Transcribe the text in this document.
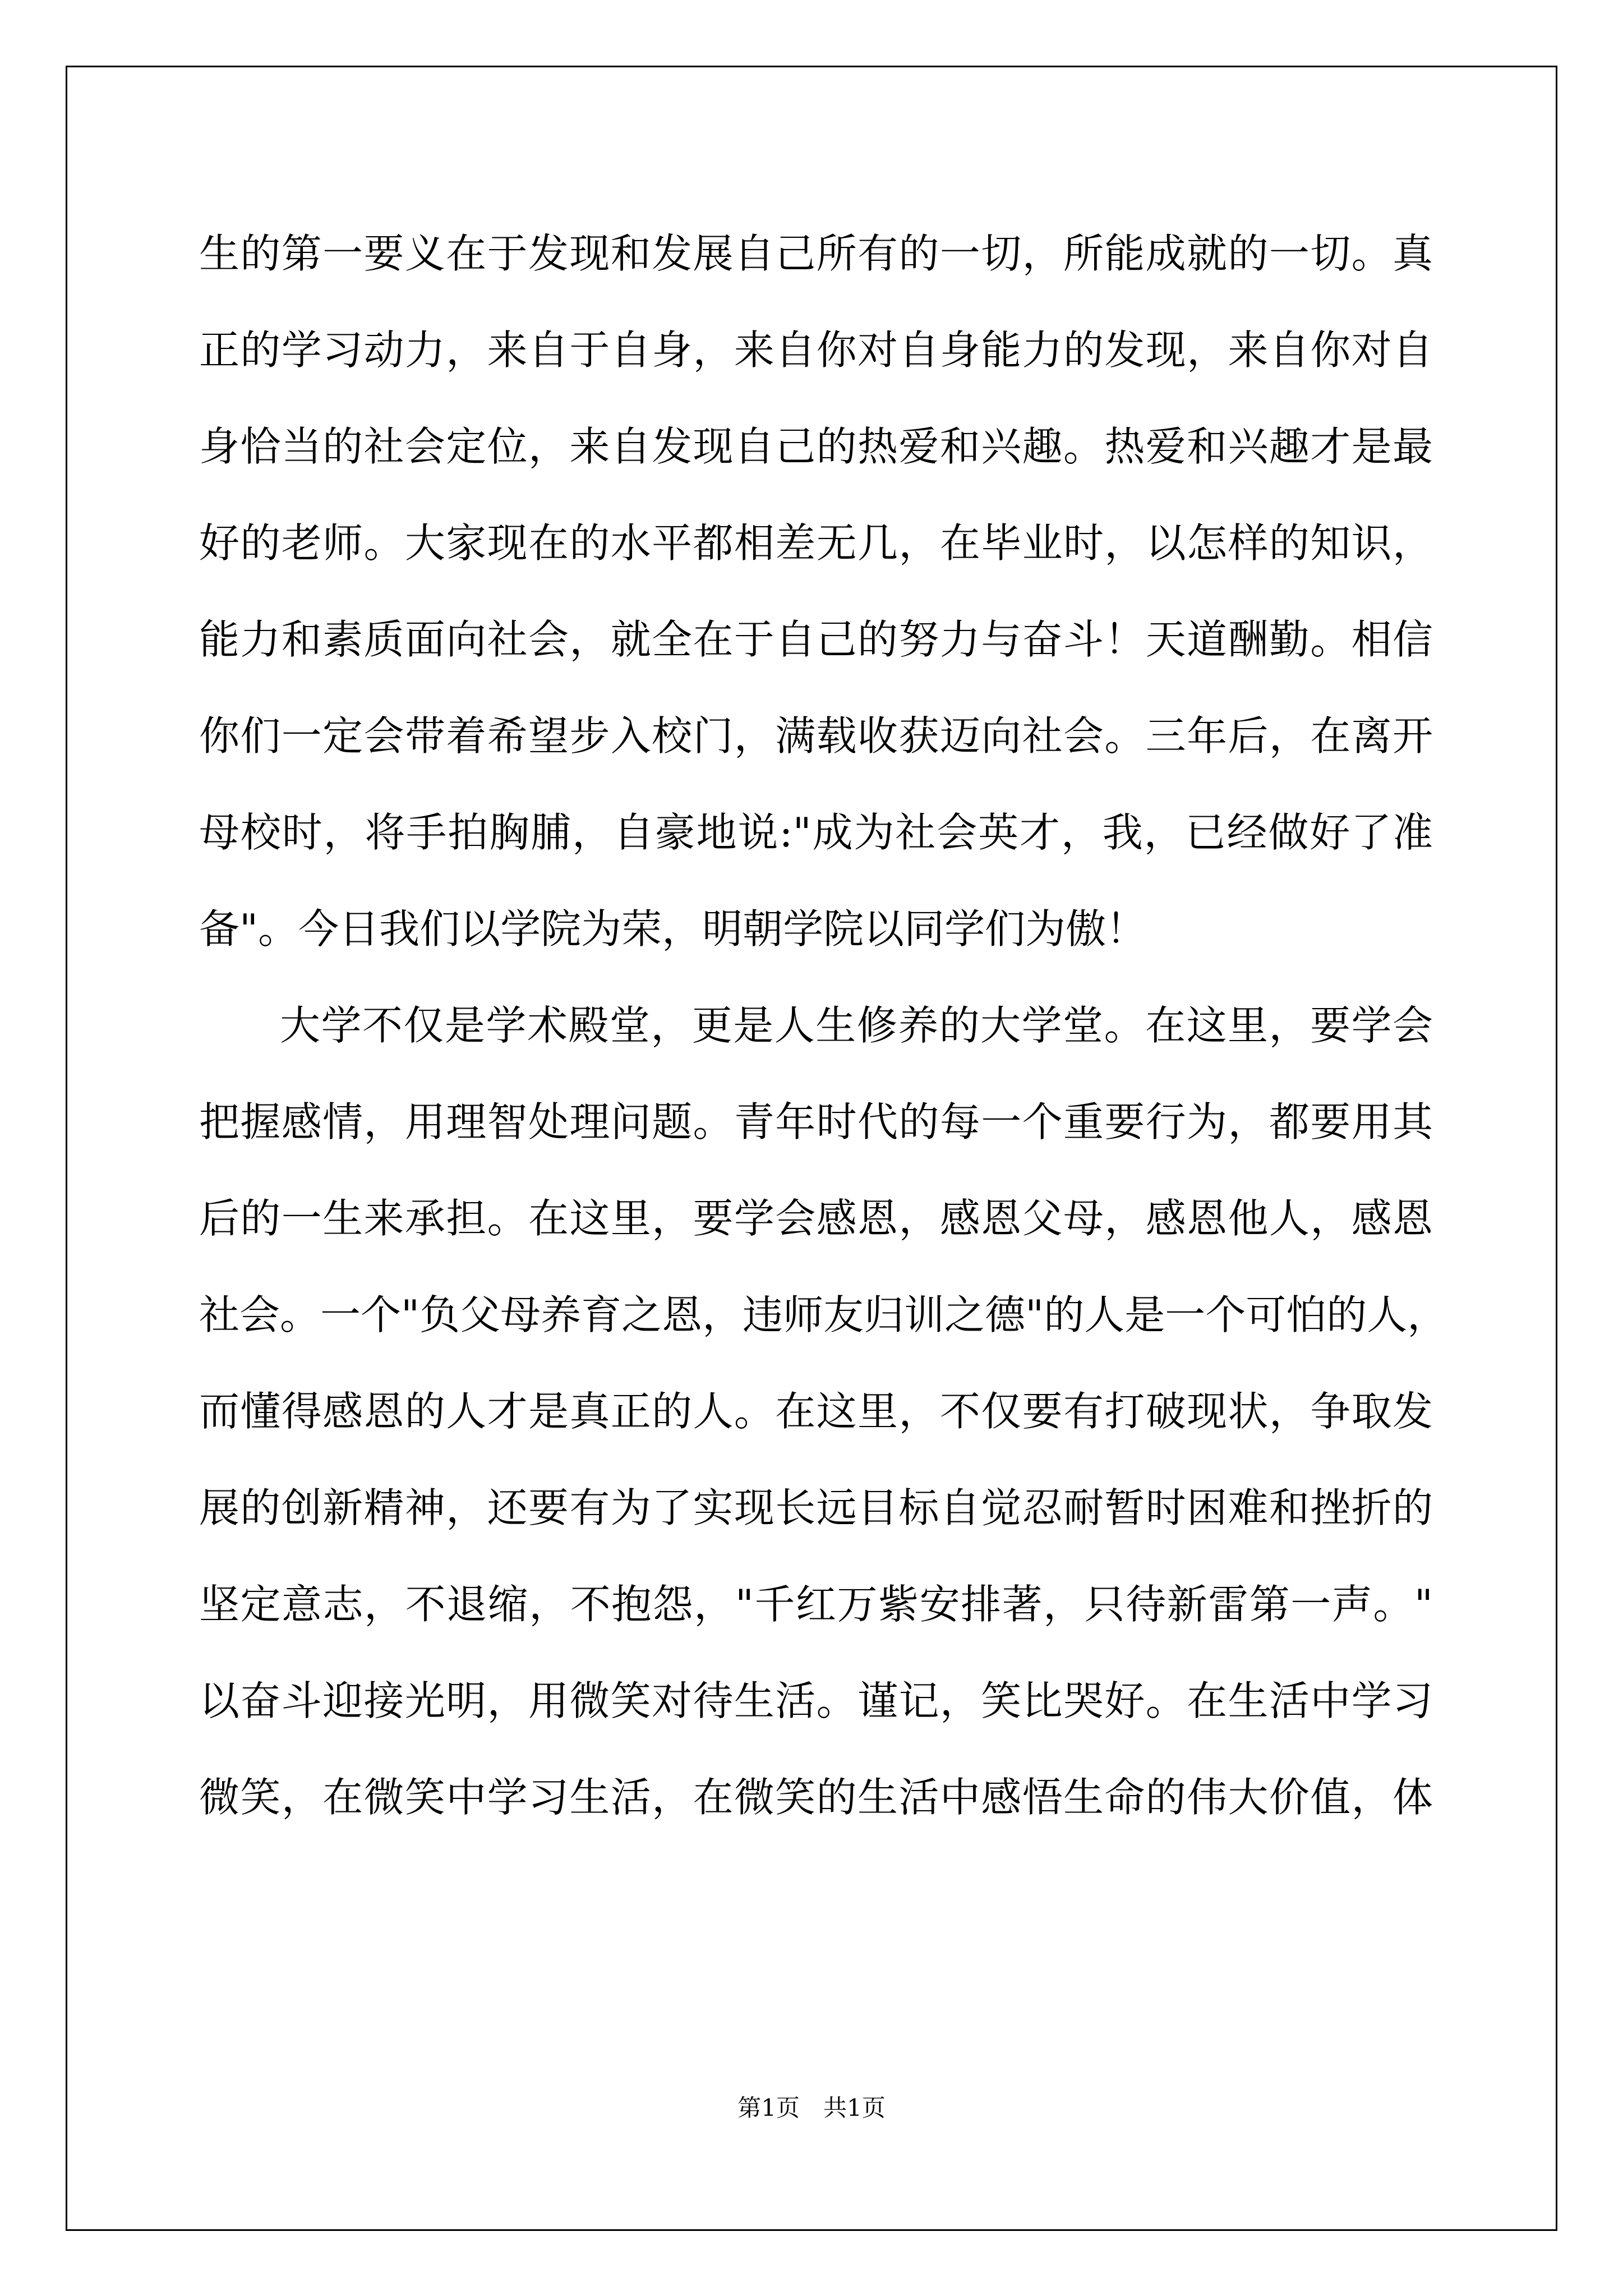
生的第一要义在于发现和发展自己所有的一切，所能成就的一切。真
正的学习动力，来自于自身，来自你对自身能力的发现，来自你对自
身恰当的社会定位，来自发现自己的热爱和兴趣。热爱和兴趣才是最
好的老师。大家现在的水平都相差无几，在毕业时，以怎样的知识，
能力和素质面向社会，就全在于自己的努力与奋斗！天道酬勤。相信
你们一定会带着希望步入校门，满载收获迈向社会。三年后，在离开
母校时，将手拍胸脯，自豪地说:"成为社会英才，我，已经做好了准
备"。今日我们以学院为荣，明朝学院以同学们为傲！
大学不仅是学术殿堂，更是人生修养的大学堂。在这里，要学会
把握感情，用理智处理问题。青年时代的每一个重要行为，都要用其
后的一生来承担。在这里，要学会感恩，感恩父母，感恩他人，感恩
社会。一个"负父母养育之恩，违师友归训之德"的人是一个可怕的人，
而懂得感恩的人才是真正的人。在这里，不仅要有打破现状，争取发
展的创新精神，还要有为了实现长远目标自觉忍耐暂时困难和挫折的
坚定意志，不退缩，不抱怨，"千红万紫安排著，只待新雷第一声。"
以奋斗迎接光明，用微笑对待生活。谨记，笑比哭好。在生活中学习
微笑，在微笑中学习生活，在微笑的生活中感悟生命的伟大价值，体
第1页　共1页
